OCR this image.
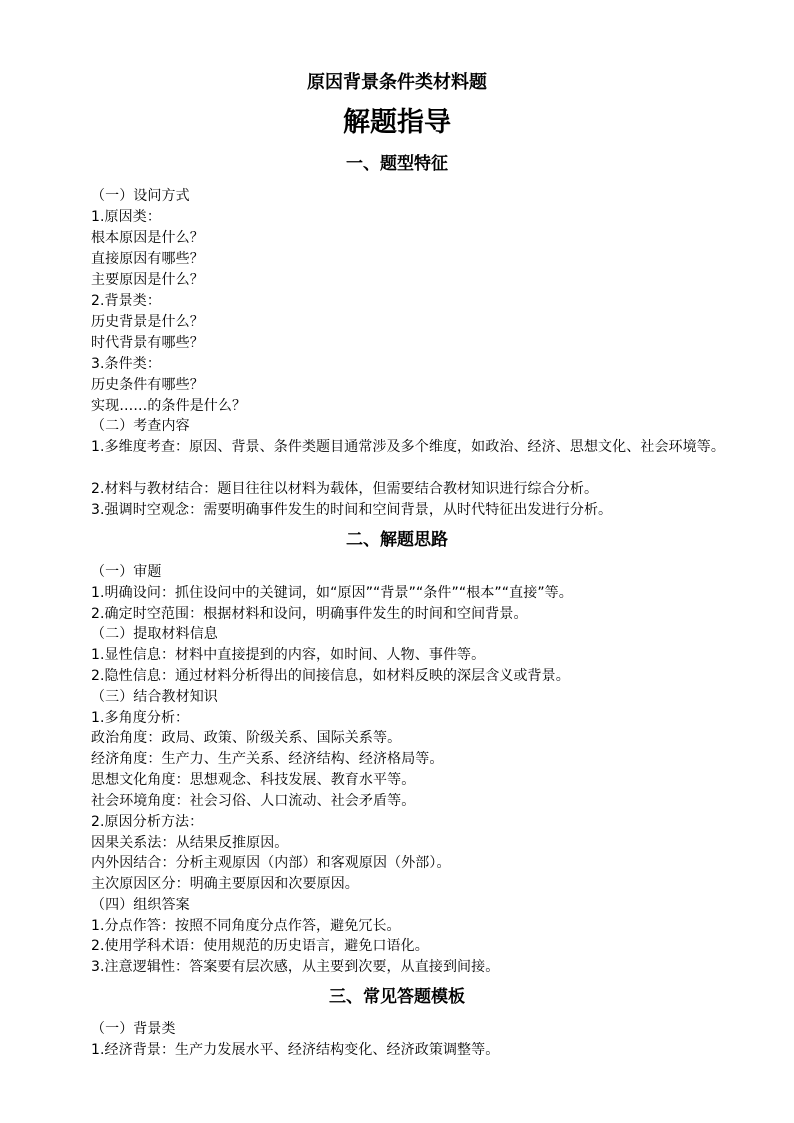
原因背景条件类材料题
解题指导
一、题型特征
（一）设问方式
1.原因类：
根本原因是什么？
直接原因有哪些？
主要原因是什么？
2.背景类：
历史背景是什么？
时代背景有哪些？
3.条件类：
历史条件有哪些？
实现……的条件是什么？
（二）考查内容
1.多维度考查：原因、背景、条件类题目通常涉及多个维度，如政治、经济、思想文化、社会环境等。
2.材料与教材结合：题目往往以材料为载体，但需要结合教材知识进行综合分析。
3.强调时空观念：需要明确事件发生的时间和空间背景，从时代特征出发进行分析。
二、解题思路
（一）审题
1.明确设问：抓住设问中的关键词，如“原因”“背景”“条件”“根本”“直接”等。
2.确定时空范围：根据材料和设问，明确事件发生的时间和空间背景。
（二）提取材料信息
1.显性信息：材料中直接提到的内容，如时间、人物、事件等。
2.隐性信息：通过材料分析得出的间接信息，如材料反映的深层含义或背景。
（三）结合教材知识
1.多角度分析：
政治角度：政局、政策、阶级关系、国际关系等。
经济角度：生产力、生产关系、经济结构、经济格局等。
思想文化角度：思想观念、科技发展、教育水平等。
社会环境角度：社会习俗、人口流动、社会矛盾等。
2.原因分析方法：
因果关系法：从结果反推原因。
内外因结合：分析主观原因（内部）和客观原因（外部）。
主次原因区分：明确主要原因和次要原因。
（四）组织答案
1.分点作答：按照不同角度分点作答，避免冗长。
2.使用学科术语：使用规范的历史语言，避免口语化。
3.注意逻辑性：答案要有层次感，从主要到次要，从直接到间接。
三、常见答题模板
（一）背景类
1.经济背景：生产力发展水平、经济结构变化、经济政策调整等。
